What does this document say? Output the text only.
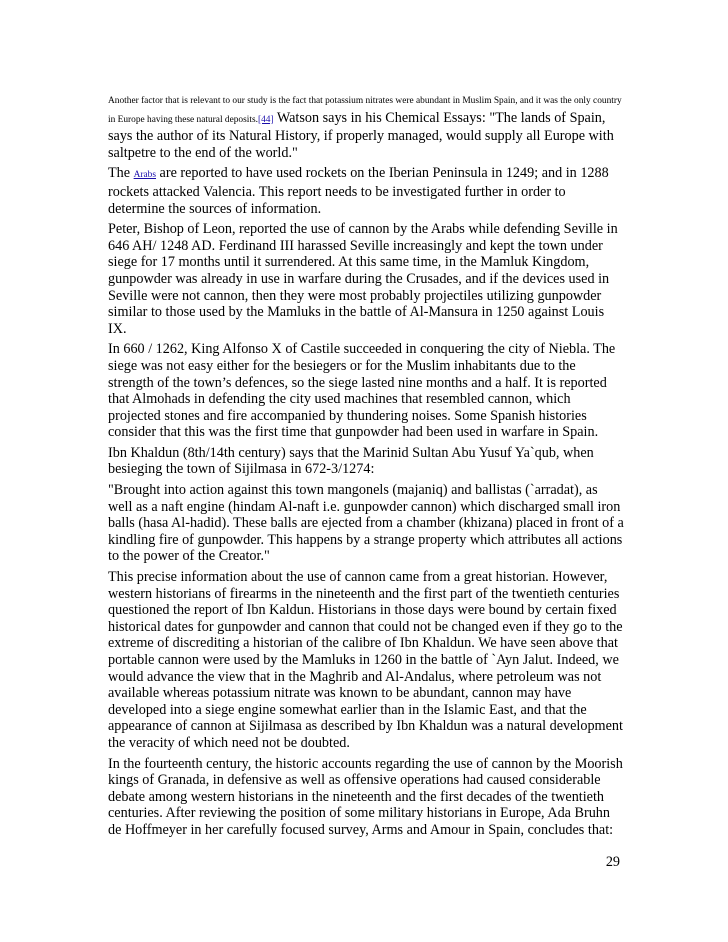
Another factor that is relevant to our study is the fact that potassium nitrates were abundant in Muslim Spain, and it was the only country in Europe having these natural deposits.[44] Watson says in his Chemical Essays: "The lands of Spain, says the author of its Natural History, if properly managed, would supply all Europe with saltpetre to the end of the world."

The Arabs are reported to have used rockets on the Iberian Peninsula in 1249; and in 1288 rockets attacked Valencia. This report needs to be investigated further in order to determine the sources of information.

Peter, Bishop of Leon, reported the use of cannon by the Arabs while defending Seville in 646 AH/ 1248 AD. Ferdinand III harassed Seville increasingly and kept the town under siege for 17 months until it surrendered. At this same time, in the Mamluk Kingdom, gunpowder was already in use in warfare during the Crusades, and if the devices used in Seville were not cannon, then they were most probably projectiles utilizing gunpowder similar to those used by the Mamluks in the battle of Al-Mansura in 1250 against Louis IX.

In 660 / 1262, King Alfonso X of Castile succeeded in conquering the city of Niebla. The siege was not easy either for the besiegers or for the Muslim inhabitants due to the strength of the town’s defences, so the siege lasted nine months and a half. It is reported that Almohads in defending the city used machines that resembled cannon, which projected stones and fire accompanied by thundering noises. Some Spanish histories consider that this was the first time that gunpowder had been used in warfare in Spain.

Ibn Khaldun (8th/14th century) says that the Marinid Sultan Abu Yusuf Ya`qub, when besieging the town of Sijilmasa in 672-3/1274:

"Brought into action against this town mangonels (majaniq) and ballistas (`arradat), as well as a naft engine (hindam Al-naft i.e. gunpowder cannon) which discharged small iron balls (hasa Al-hadid). These balls are ejected from a chamber (khizana) placed in front of a kindling fire of gunpowder. This happens by a strange property which attributes all actions to the power of the Creator."

This precise information about the use of cannon came from a great historian. However, western historians of firearms in the nineteenth and the first part of the twentieth centuries questioned the report of Ibn Kaldun. Historians in those days were bound by certain fixed historical dates for gunpowder and cannon that could not be changed even if they go to the extreme of discrediting a historian of the calibre of Ibn Khaldun. We have seen above that portable cannon were used by the Mamluks in 1260 in the battle of `Ayn Jalut. Indeed, we would advance the view that in the Maghrib and Al-Andalus, where petroleum was not available whereas potassium nitrate was known to be abundant, cannon may have developed into a siege engine somewhat earlier than in the Islamic East, and that the appearance of cannon at Sijilmasa as described by Ibn Khaldun was a natural development the veracity of which need not be doubted.

In the fourteenth century, the historic accounts regarding the use of cannon by the Moorish kings of Granada, in defensive as well as offensive operations had caused considerable debate among western historians in the nineteenth and the first decades of the twentieth centuries. After reviewing the position of some military historians in Europe, Ada Bruhn de Hoffmeyer in her carefully focused survey, Arms and Amour in Spain, concludes that:

29
